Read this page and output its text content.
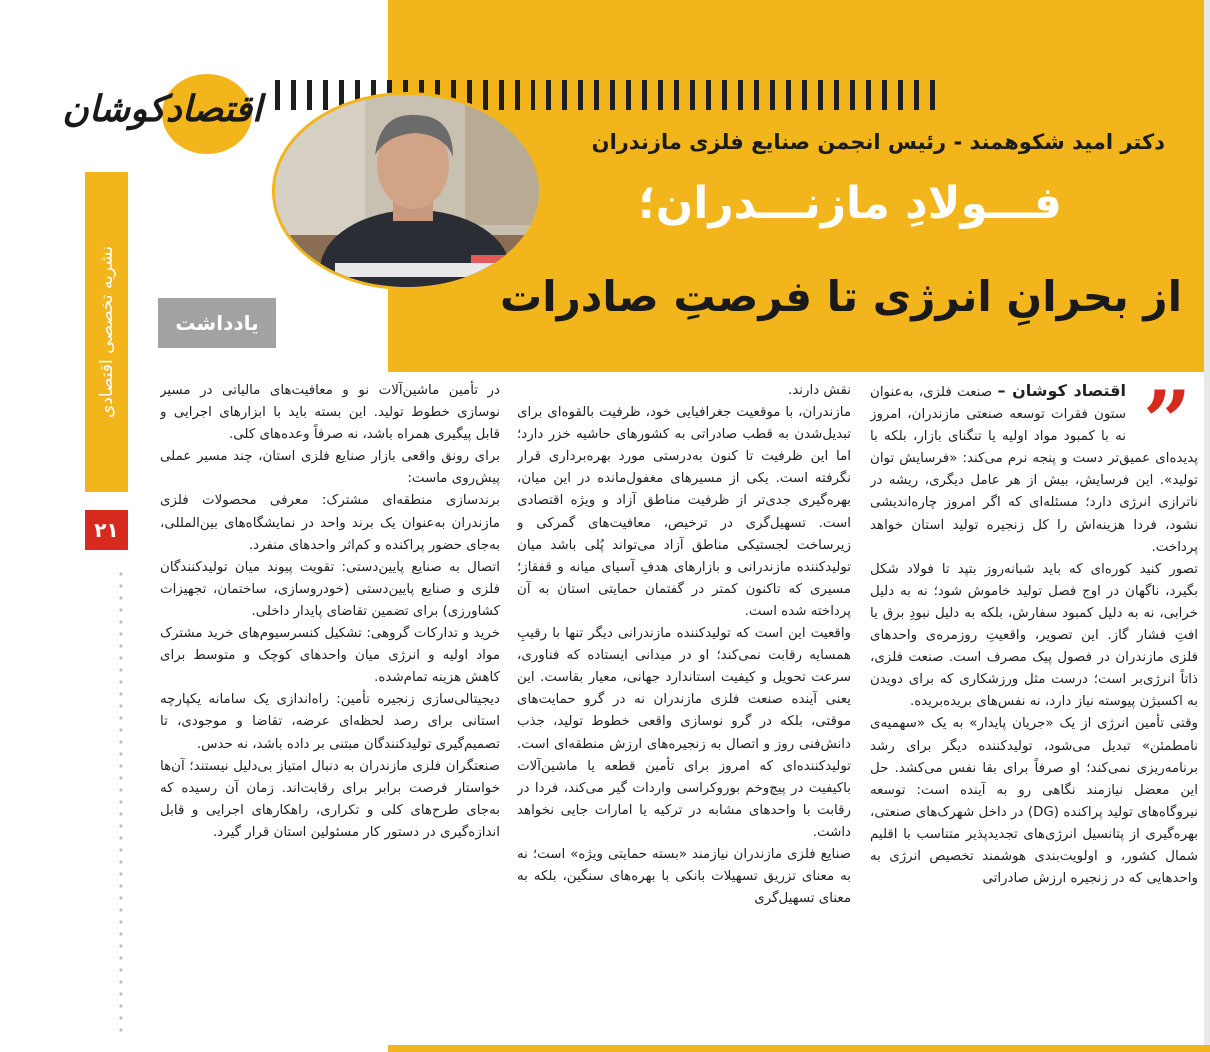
اقتصادکوشان
دکتر امید شکوهمند - رئیس انجمن صنایع فلزی مازندران
فـــولادِ مازنـــدران؛
از بحرانِ انرژی تا فرصتِ صادرات
یادداشت
نشریه تخصصی اقتصادی
۲۱
”

اقتصاد کوشان – صنعت فلزی، به‌عنوان ستون فقرات توسعه صنعتی مازندران، امروز نه با کمبود مواد اولیه یا تنگنای بازار، بلکه با پدیده‌ای عمیق‌تر دست و پنجه نرم می‌کند: «فرسایش توان تولید». این فرسایش، بیش از هر عامل دیگری، ریشه در ناترازی انرژی دارد؛ مسئله‌ای که اگر امروز چاره‌اندیشی نشود، فردا هزینه‌اش را کل زنجیره تولید استان خواهد پرداخت.

تصور کنید کوره‌ای که باید شبانه‌روز بتپد تا فولاد شکل بگیرد، ناگهان در اوج فصل تولید خاموش شود؛ نه به دلیل خرابی، نه به دلیل کمبود سفارش، بلکه به دلیل نبودِ برق یا افتِ فشار گاز. این تصویر، واقعیتِ روزمره‌ی واحدهای فلزی مازندران در فصول پیک مصرف است. صنعت فلزی، ذاتاً انرژی‌بر است؛ درست مثل ورزشکاری که برای دویدن به اکسیژن پیوسته نیاز دارد، نه نفس‌های بریده‌بریده.

وقتی تأمین انرژی از یک «جریان پایدار» به یک «سهمیه‌ی نامطمئن» تبدیل می‌شود، تولیدکننده دیگر برای رشد برنامه‌ریزی نمی‌کند؛ او صرفاً برای بقا نفس می‌کشد. حل این معضل نیازمند نگاهی رو به آینده است: توسعه نیروگاه‌های تولید پراکنده (DG) در داخل شهرک‌های صنعتی، بهره‌گیری از پتانسیل انرژی‌های تجدیدپذیر متناسب با اقلیم شمال کشور، و اولویت‌بندی هوشمند تخصیص انرژی به واحدهایی که در زنجیره ارزش صادراتی

نقش دارند.

مازندران، با موقعیت جغرافیایی خود، ظرفیت بالقوه‌ای برای تبدیل‌شدن به قطب صادراتی به کشورهای حاشیه خزر دارد؛ اما این ظرفیت تا کنون به‌درستی مورد بهره‌برداری قرار نگرفته است. یکی از مسیرهای مغفول‌مانده در این میان، بهره‌گیری جدی‌تر از ظرفیت مناطق آزاد و ویژه اقتصادی است. تسهیل‌گری در ترخیص، معافیت‌های گمرکی و زیرساخت لجستیکی مناطق آزاد می‌تواند پُلی باشد میان تولیدکننده مازندرانی و بازارهای هدفِ آسیای میانه و قفقاز؛ مسیری که تاکنون کمتر در گفتمان حمایتی استان به آن پرداخته شده است.

واقعیت این است که تولیدکننده مازندرانی دیگر تنها با رقیبِ همسایه رقابت نمی‌کند؛ او در میدانی ایستاده که فناوری، سرعت تحویل و کیفیت استاندارد جهانی، معیار بقاست. این یعنی آینده صنعت فلزی مازندران نه در گرو حمایت‌های موقتی، بلکه در گرو نوسازی واقعی خطوط تولید، جذب دانش‌فنی روز و اتصال به زنجیره‌های ارزش منطقه‌ای است. تولیدکننده‌ای که امروز برای تأمین قطعه یا ماشین‌آلات باکیفیت در پیچ‌وخم بوروکراسی واردات گیر می‌کند، فردا در رقابت با واحدهای مشابه در ترکیه یا امارات جایی نخواهد داشت.

صنایع فلزی مازندران نیازمند «بسته حمایتی ویژه» است؛ نه به معنای تزریق تسهیلات بانکی با بهره‌های سنگین، بلکه به معنای تسهیل‌گری

در تأمین ماشین‌آلات نو و معافیت‌های مالیاتی در مسیر نوسازی خطوط تولید. این بسته باید با ابزارهای اجرایی و قابل پیگیری همراه باشد، نه صرفاً وعده‌های کلی.

برای رونق واقعی بازار صنایع فلزی استان، چند مسیر عملی پیش‌روی ماست:

برندسازی منطقه‌ای مشترک: معرفی محصولات فلزی مازندران به‌عنوان یک برند واحد در نمایشگاه‌های بین‌المللی، به‌جای حضور پراکنده و کم‌اثر واحدهای منفرد.

اتصال به صنایع پایین‌دستی: تقویت پیوند میان تولیدکنندگان فلزی و صنایع پایین‌دستی (خودروسازی، ساختمان، تجهیزات کشاورزی) برای تضمین تقاضای پایدار داخلی.

خرید و تدارکات گروهی: تشکیل کنسرسیوم‌های خرید مشترک مواد اولیه و انرژی میان واحدهای کوچک و متوسط برای کاهش هزینه تمام‌شده.

دیجیتالی‌سازی زنجیره تأمین: راه‌اندازی یک سامانه یکپارچه استانی برای رصد لحظه‌ای عرضه، تقاضا و موجودی، تا تصمیم‌گیری تولیدکنندگان مبتنی بر داده باشد، نه حدس.

صنعتگران فلزی مازندران به دنبال امتیاز بی‌دلیل نیستند؛ آن‌ها خواستار فرصت برابر برای رقابت‌اند. زمان آن رسیده که به‌جای طرح‌های کلی و تکراری، راهکارهای اجرایی و قابل اندازه‌گیری در دستور کار مسئولین استان قرار گیرد.
